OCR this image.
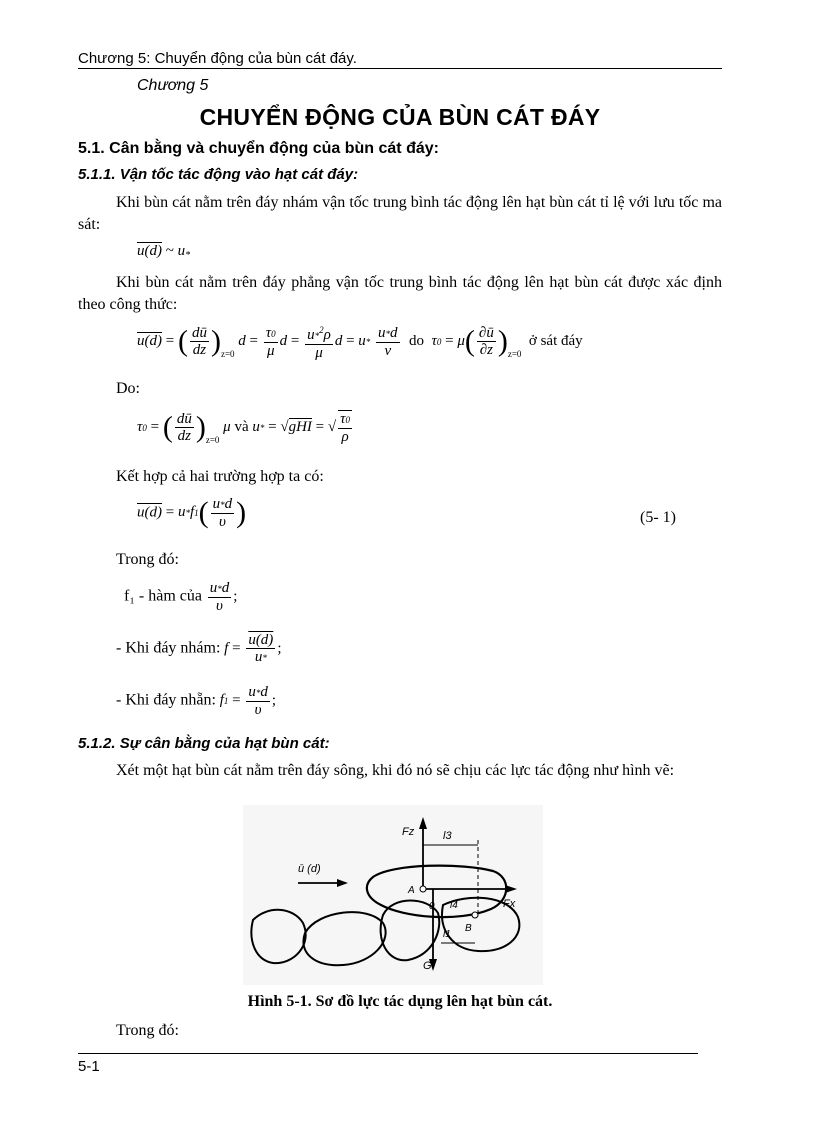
Chương 5: Chuyển động của bùn cát đáy.
Chương 5
CHUYỂN ĐỘNG CỦA BÙN CÁT ĐÁY
5.1. Cân bằng và chuyển động của bùn cát đáy:
5.1.1. Vận tốc tác động vào hạt cát đáy:
Khi bùn cát nằm trên đáy nhám vận tốc trung bình tác động lên hạt bùn cát tỉ lệ với lưu tốc ma sát:
u(d) ~ $u_*$
Khi bùn cát nằm trên đáy phẳng vận tốc trung bình tác động lên hạt bùn cát được xác định theo công thức:
u(d) = ( $\frac{dū}{dz} )_{z=0}$ $d = \frac{\tau 0}{\mu}$ $d = \frac{u*^2\rho}{\mu}$ $d = u* \frac{u*d}{\nu}$ do $\tau 0 = \mu( \frac{\partial ū}{\partial z} )_{z=0}$  ở sát đáy
Do:
τ0 = ( $\frac{dū}{dz} )_{z=0}$ μ và u* = √gHI = √ $\frac{\tau 0}{\rho}$
Kết hợp cả hai trường hợp ta có:
$u(d) = u*f1( \frac{u*d}{\upsilon}$ )	(5- 1)
Trong đó:
f₁ - hàm của $\frac{u*d}{\upsilon}$ ;
- Khi đáy nhám: $f = \frac{u(d)}{u*}$ ;
- Khi đáy nhẵn: $f1 = \frac{u*d}{\upsilon}$ ;
5.1.2. Sự cân bằng của hạt bùn cát:
Xét một hạt bùn cát nằm trên đáy sông, khi đó nó sẽ chịu các lực tác động như hình vẽ:
Fz
Fx
G
l3
A
B
0
l1
l4
ū (d)
Hình 5-1. Sơ đồ lực tác dụng lên hạt bùn cát.
Trong đó:
5-1
